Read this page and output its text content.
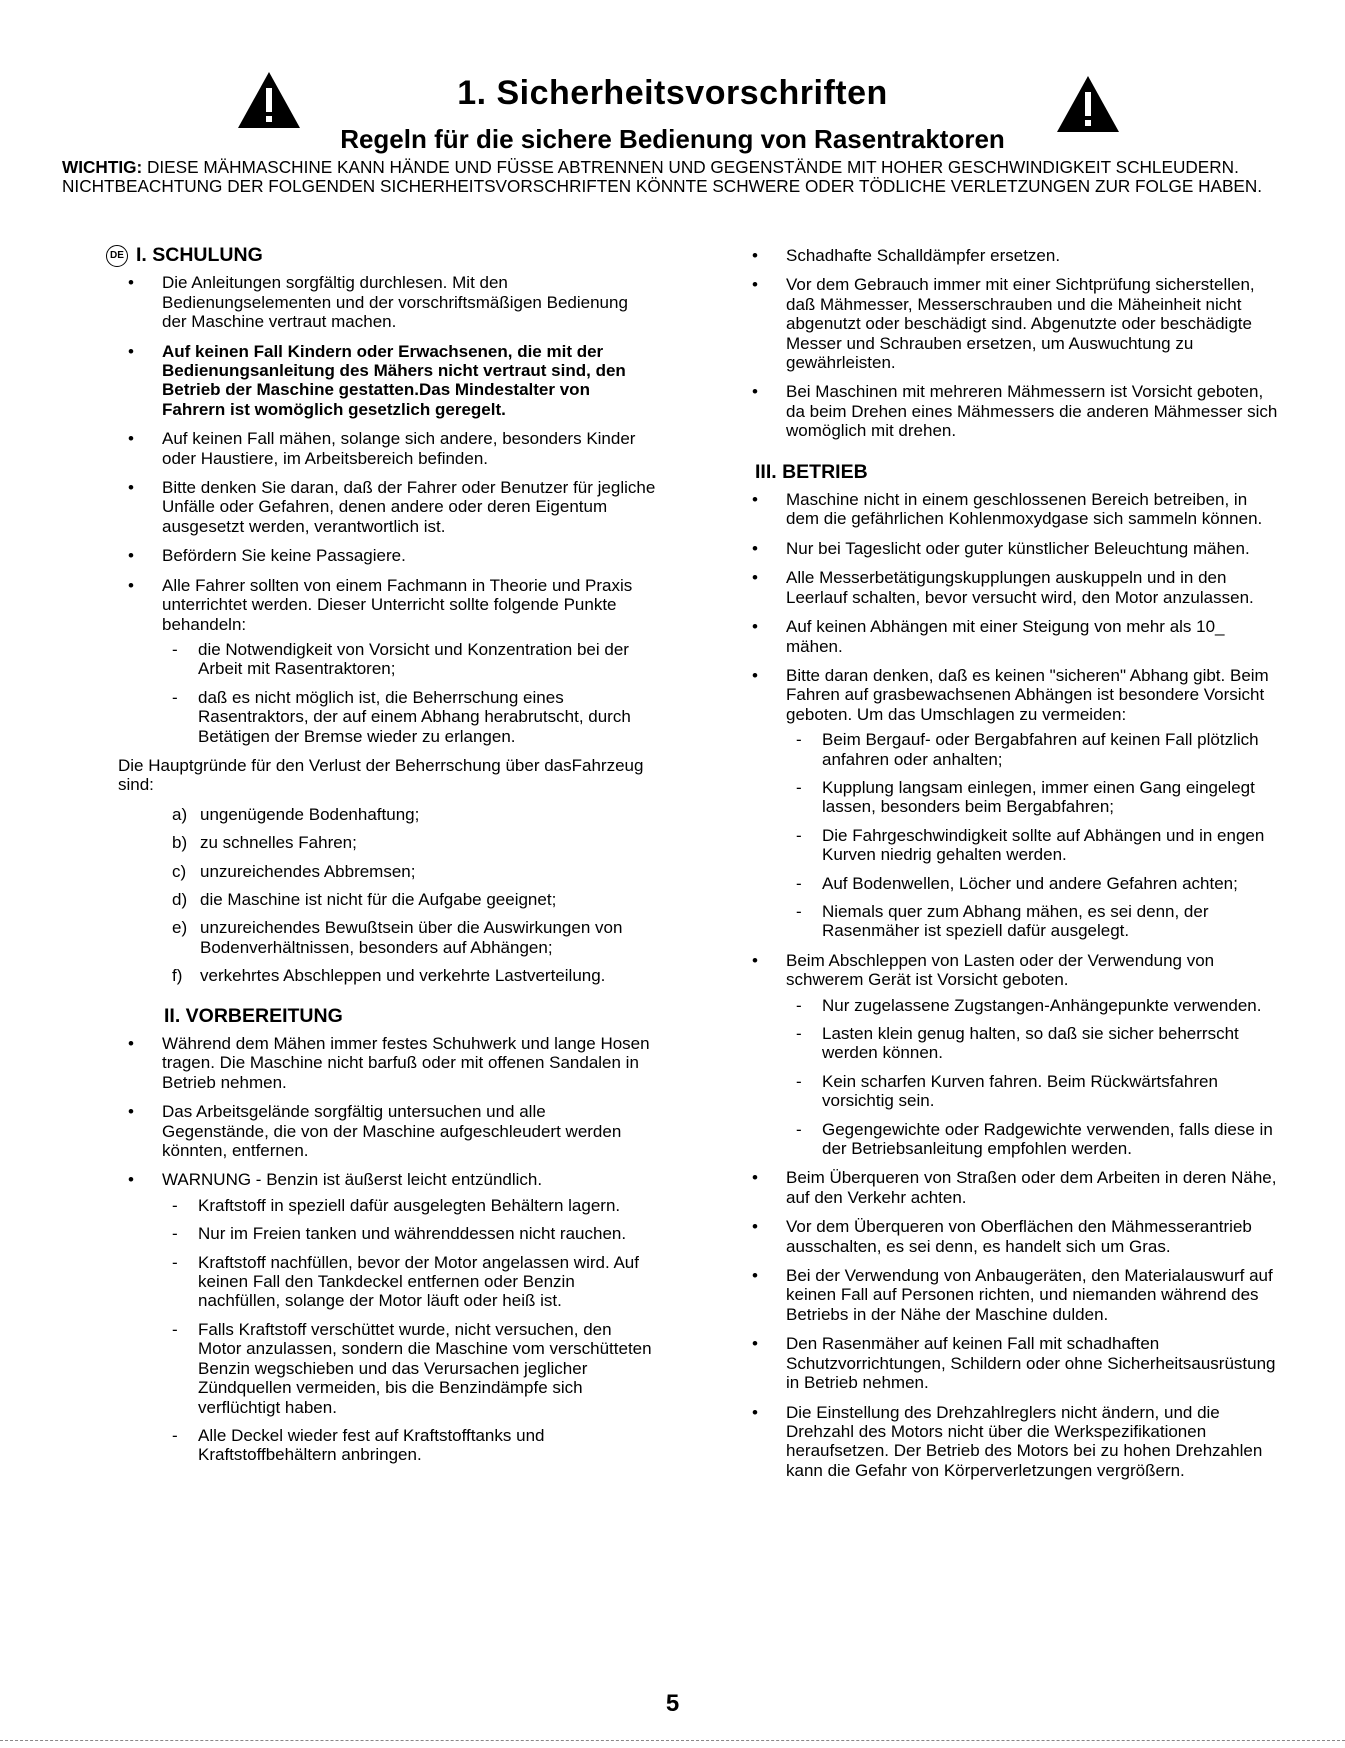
1. Sicherheitsvorschriften
Regeln für die sichere Bedienung von Rasentraktoren
WICHTIG: DIESE MÄHMASCHINE KANN HÄNDE UND FÜSSE ABTRENNEN UND GEGENSTÄNDE MIT HOHER GESCHWINDIGKEIT SCHLEUDERN. NICHTBEACHTUNG DER FOLGENDEN SICHERHEITSVORSCHRIFTEN KÖNNTE SCHWERE ODER TÖDLICHE VERLETZUNGEN ZUR FOLGE HABEN.
DE I. SCHULUNG
• Die Anleitungen sorgfältig durchlesen. Mit den Bedienungselementen und der vorschriftsmäßigen Bedienung der Maschine vertraut machen.
• Auf keinen Fall Kindern oder Erwachsenen, die mit der Bedienungsanleitung des Mähers nicht vertraut sind, den Betrieb der Maschine gestatten.Das Mindestalter von Fahrern ist womöglich gesetzlich geregelt.
• Auf keinen Fall mähen, solange sich andere, besonders Kinder oder Haustiere, im Arbeitsbereich befinden.
• Bitte denken Sie daran, daß der Fahrer oder Benutzer für jegliche Unfälle oder Gefahren, denen andere oder deren Eigentum ausgesetzt werden, verantwortlich ist.
• Befördern Sie keine Passagiere.
• Alle Fahrer sollten von einem Fachmann in Theorie und Praxis unterrichtet werden. Dieser Unterricht sollte folgende Punkte behandeln:
- die Notwendigkeit von Vorsicht und Konzentration bei der Arbeit mit Rasentraktoren;
- daß es nicht möglich ist, die Beherrschung eines Rasentraktors, der auf einem Abhang herabrutscht, durch Betätigen der Bremse wieder zu erlangen.
Die Hauptgründe für den Verlust der Beherrschung über dasFahrzeug sind:
a) ungenügende Bodenhaftung;
b) zu schnelles Fahren;
c) unzureichendes Abbremsen;
d) die Maschine ist nicht für die Aufgabe geeignet;
e) unzureichendes Bewußtsein über die Auswirkungen von Bodenverhältnissen, besonders auf Abhängen;
f) verkehrtes Abschleppen und verkehrte Lastverteilung.
II. VORBEREITUNG
• Während dem Mähen immer festes Schuhwerk und lange Hosen tragen. Die Maschine nicht barfuß oder mit offenen Sandalen in Betrieb nehmen.
• Das Arbeitsgelände sorgfältig untersuchen und alle Gegenstände, die von der Maschine aufgeschleudert werden könnten, entfernen.
• WARNUNG - Benzin ist äußerst leicht entzündlich.
- Kraftstoff in speziell dafür ausgelegten Behältern lagern.
- Nur im Freien tanken und währenddessen nicht rauchen.
- Kraftstoff nachfüllen, bevor der Motor angelassen wird. Auf keinen Fall den Tankdeckel entfernen oder Benzin nachfüllen, solange der Motor läuft oder heiß ist.
- Falls Kraftstoff verschüttet wurde, nicht versuchen, den Motor anzulassen, sondern die Maschine vom verschütteten Benzin wegschieben und das Verursachen jeglicher Zündquellen vermeiden, bis die Benzindämpfe sich verflüchtigt haben.
- Alle Deckel wieder fest auf Kraftstofftanks und Kraftstoffbehältern anbringen.
• Schadhafte Schalldämpfer ersetzen.
• Vor dem Gebrauch immer mit einer Sichtprüfung sicherstellen, daß Mähmesser, Messerschrauben und die Mäheinheit nicht abgenutzt oder beschädigt sind. Abgenutzte oder beschädigte Messer und Schrauben ersetzen, um Auswuchtung zu gewährleisten.
• Bei Maschinen mit mehreren Mähmessern ist Vorsicht geboten, da beim Drehen eines Mähmessers die anderen Mähmesser sich womöglich mit drehen.
III. BETRIEB
• Maschine nicht in einem geschlossenen Bereich betreiben, in dem die gefährlichen Kohlenmoxydgase sich sammeln können.
• Nur bei Tageslicht oder guter künstlicher Beleuchtung mähen.
• Alle Messerbetätigungskupplungen auskuppeln und in den Leerlauf schalten, bevor versucht wird, den Motor anzulassen.
• Auf keinen Abhängen mit einer Steigung von mehr als 10_ mähen.
• Bitte daran denken, daß es keinen "sicheren" Abhang gibt. Beim Fahren auf grasbewachsenen Abhängen ist besondere Vorsicht geboten. Um das Umschlagen zu vermeiden:
- Beim Bergauf- oder Bergabfahren auf keinen Fall plötzlich anfahren oder anhalten;
- Kupplung langsam einlegen, immer einen Gang eingelegt lassen, besonders beim Bergabfahren;
- Die Fahrgeschwindigkeit sollte auf Abhängen und in engen Kurven niedrig gehalten werden.
- Auf Bodenwellen, Löcher und andere Gefahren achten;
- Niemals quer zum Abhang mähen, es sei denn, der Rasenmäher ist speziell dafür ausgelegt.
• Beim Abschleppen von Lasten oder der Verwendung von schwerem Gerät ist Vorsicht geboten.
- Nur zugelassene Zugstangen-Anhängepunkte verwenden.
- Lasten klein genug halten, so daß sie sicher beherrscht werden können.
- Kein scharfen Kurven fahren. Beim Rückwärtsfahren vorsichtig sein.
- Gegengewichte oder Radgewichte verwenden, falls diese in der Betriebsanleitung empfohlen werden.
• Beim Überqueren von Straßen oder dem Arbeiten in deren Nähe, auf den Verkehr achten.
• Vor dem Überqueren von Oberflächen den Mähmesserantrieb ausschalten, es sei denn, es handelt sich um Gras.
• Bei der Verwendung von Anbaugeräten, den Materialauswurf auf keinen Fall auf Personen richten, und niemanden während des Betriebs in der Nähe der Maschine dulden.
• Den Rasenmäher auf keinen Fall mit schadhaften Schutzvorrichtungen, Schildern oder ohne Sicherheitsausrüstung in Betrieb nehmen.
• Die Einstellung des Drehzahlreglers nicht ändern, und die Drehzahl des Motors nicht über die Werkspezifikationen heraufsetzen. Der Betrieb des Motors bei zu hohen Drehzahlen kann die Gefahr von Körperverletzungen vergrößern.
5
